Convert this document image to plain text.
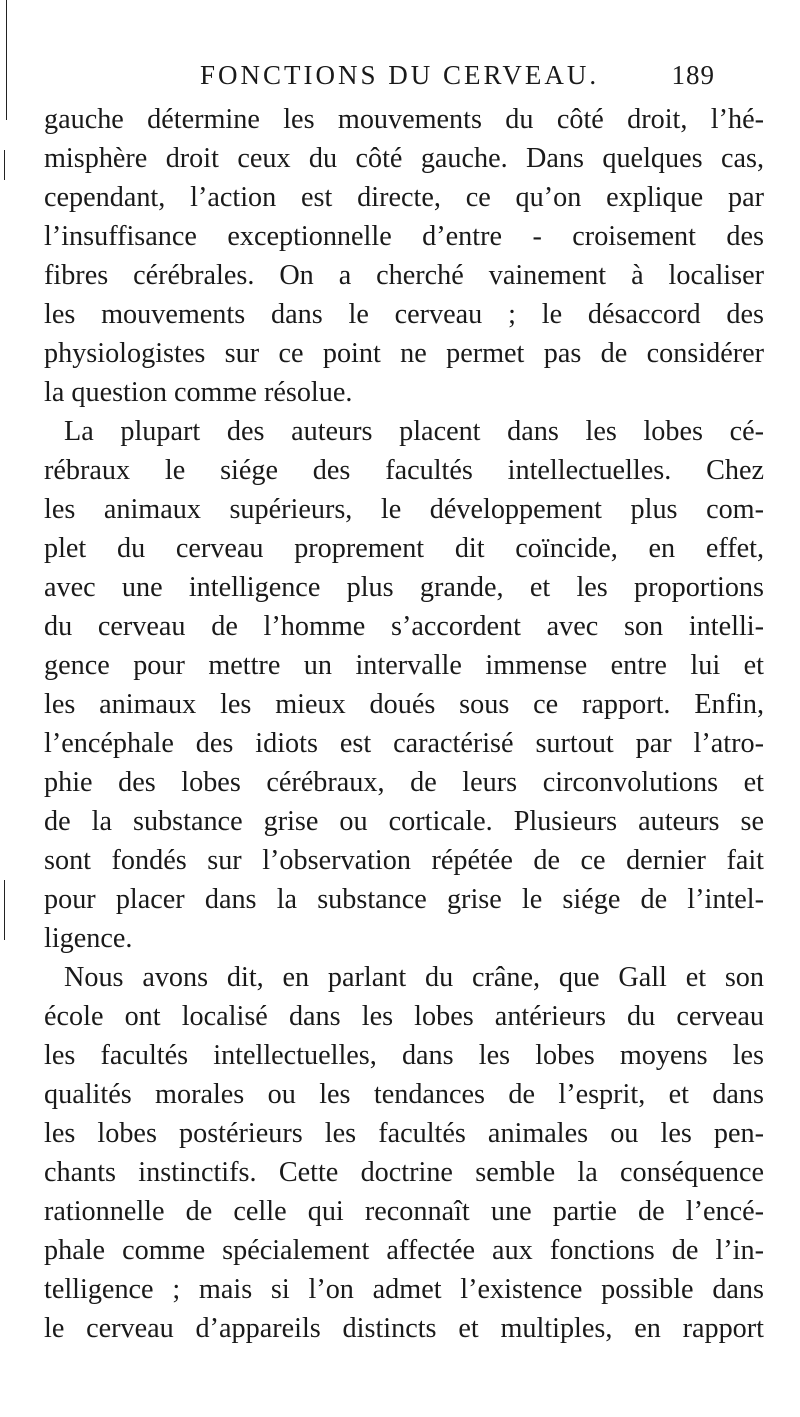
FONCTIONS DU CERVEAU.	189
gauche détermine les mouvements du côté droit, l’hé-
misphère droit ceux du côté gauche. Dans quelques cas,
cependant, l’action est directe, ce qu’on explique par
l’insuffisance exceptionnelle d’entre - croisement des
fibres cérébrales. On a cherché vainement à localiser
les mouvements dans le cerveau ; le désaccord des
physiologistes sur ce point ne permet pas de considérer
la question comme résolue.
La plupart des auteurs placent dans les lobes cé-
rébraux le siége des facultés intellectuelles. Chez
les animaux supérieurs, le développement plus com-
plet du cerveau proprement dit coïncide, en effet,
avec une intelligence plus grande, et les proportions
du cerveau de l’homme s’accordent avec son intelli-
gence pour mettre un intervalle immense entre lui et
les animaux les mieux doués sous ce rapport. Enfin,
l’encéphale des idiots est caractérisé surtout par l’atro-
phie des lobes cérébraux, de leurs circonvolutions et
de la substance grise ou corticale. Plusieurs auteurs se
sont fondés sur l’observation répétée de ce dernier fait
pour placer dans la substance grise le siége de l’intel-
ligence.
Nous avons dit, en parlant du crâne, que Gall et son
école ont localisé dans les lobes antérieurs du cerveau
les facultés intellectuelles, dans les lobes moyens les
qualités morales ou les tendances de l’esprit, et dans
les lobes postérieurs les facultés animales ou les pen-
chants instinctifs. Cette doctrine semble la conséquence
rationnelle de celle qui reconnaît une partie de l’encé-
phale comme spécialement affectée aux fonctions de l’in-
telligence ; mais si l’on admet l’existence possible dans
le cerveau d’appareils distincts et multiples, en rapport
